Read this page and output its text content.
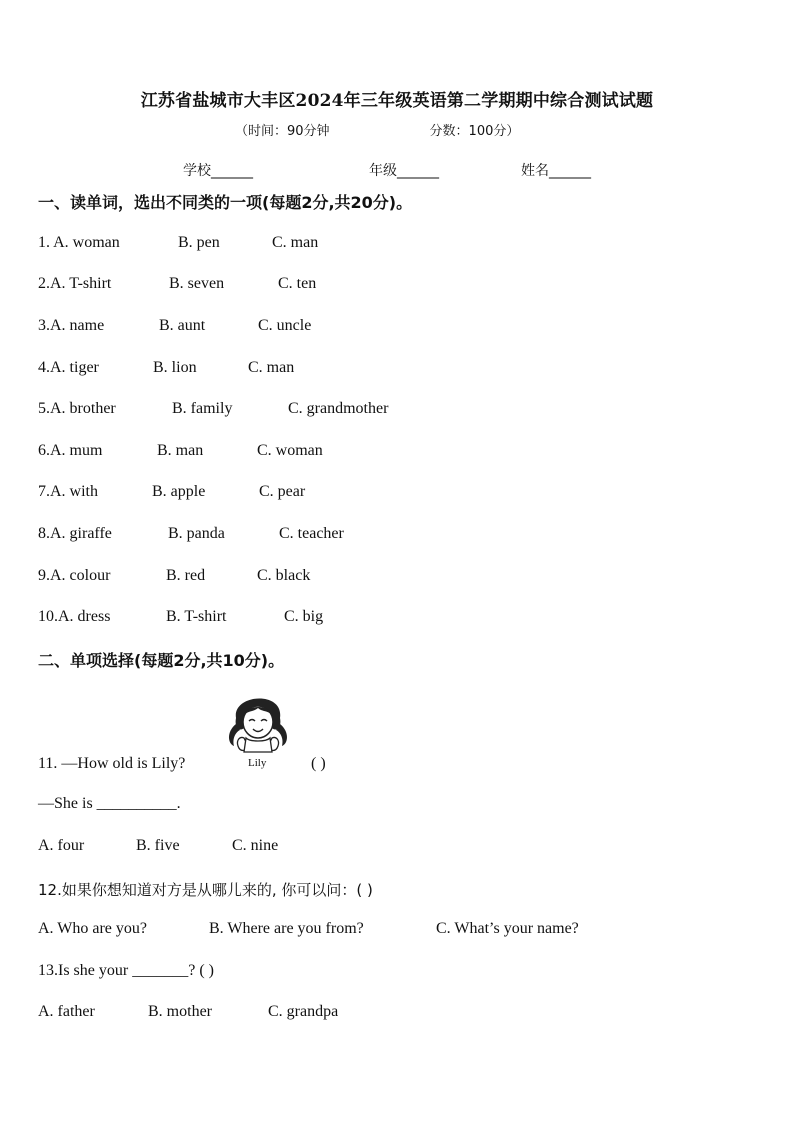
江苏省盐城市大丰区2024年三年级英语第二学期期中综合测试试题
（时间：90分钟	分数：100分）
学校______	年级______	姓名______
一、读单词，选出不同类的一项(每题2分,共20分)。
1. A. woman	B. pen	C. man
2.A. T-shirt	B. seven	C. ten
3.A. name	B. aunt	C. uncle
4.A. tiger	B. lion	C. man
5.A. brother	B. family	C. grandmother
6.A. mum	B. man	C. woman
7.A. with	B. apple	C. pear
8.A. giraffe	B. panda	C. teacher
9.A. colour	B. red	C. black
10.A. dress	B. T-shirt	C. big
二、单项选择(每题2分,共10分)。
Lily
11. —How old is Lily?	( )
—She is __________.
A. four	B. five	C. nine
12.如果你想知道对方是从哪儿来的, 你可以问：( )
A. Who are you?	B. Where are you from?	C. What’s your name?
13.Is she your _______? ( )
A. father	B. mother	C. grandpa
